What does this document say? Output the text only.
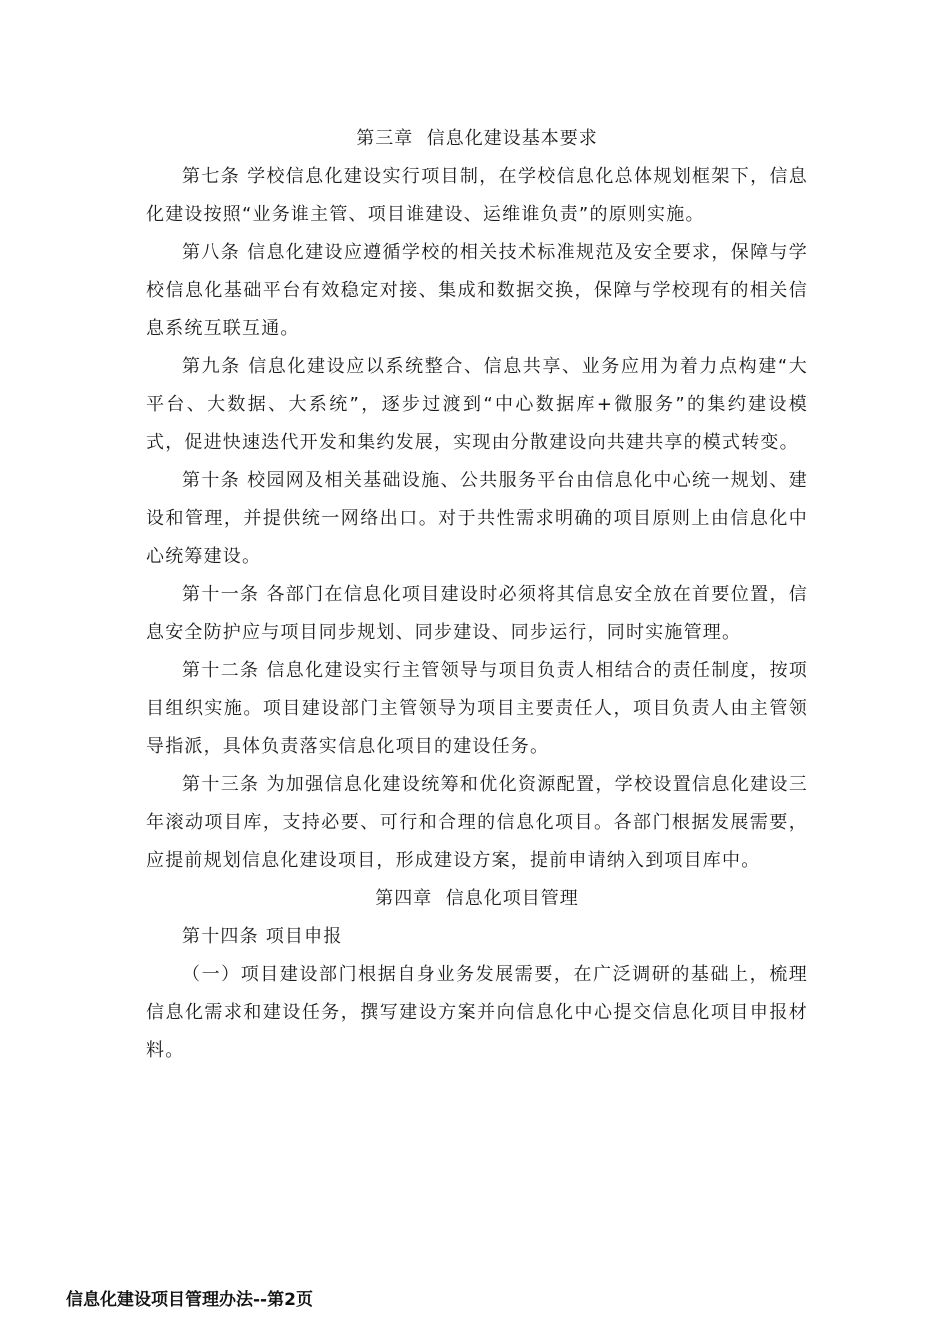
第三章  信息化建设基本要求

第七条 学校信息化建设实行项目制，在学校信息化总体规划框架下，信息化建设按照“业务谁主管、项目谁建设、运维谁负责”的原则实施。

第八条 信息化建设应遵循学校的相关技术标准规范及安全要求，保障与学校信息化基础平台有效稳定对接、集成和数据交换，保障与学校现有的相关信息系统互联互通。

第九条 信息化建设应以系统整合、信息共享、业务应用为着力点构建“大平台、大数据、大系统”，逐步过渡到“中心数据库+微服务”的集约建设模式，促进快速迭代开发和集约发展，实现由分散建设向共建共享的模式转变。

第十条 校园网及相关基础设施、公共服务平台由信息化中心统一规划、建设和管理，并提供统一网络出口。对于共性需求明确的项目原则上由信息化中心统筹建设。

第十一条 各部门在信息化项目建设时必须将其信息安全放在首要位置，信息安全防护应与项目同步规划、同步建设、同步运行，同时实施管理。

第十二条 信息化建设实行主管领导与项目负责人相结合的责任制度，按项目组织实施。项目建设部门主管领导为项目主要责任人，项目负责人由主管领导指派，具体负责落实信息化项目的建设任务。

第十三条 为加强信息化建设统筹和优化资源配置，学校设置信息化建设三年滚动项目库，支持必要、可行和合理的信息化项目。各部门根据发展需要，应提前规划信息化建设项目，形成建设方案，提前申请纳入到项目库中。

第四章  信息化项目管理

第十四条 项目申报

（一）项目建设部门根据自身业务发展需要，在广泛调研的基础上，梳理信息化需求和建设任务，撰写建设方案并向信息化中心提交信息化项目申报材料。

信息化建设项目管理办法--第2页
